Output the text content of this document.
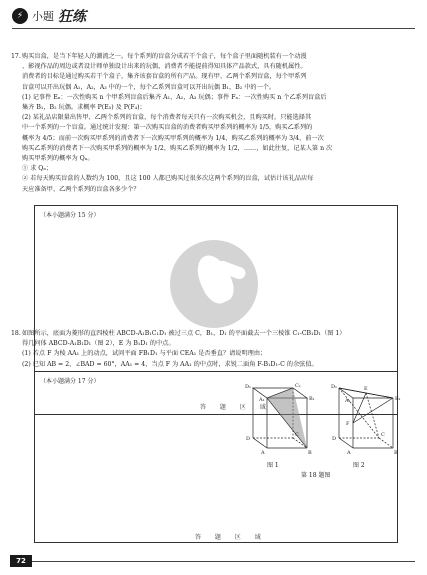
⚡ 小题 狂练
17. 购买盲盒，是当下年轻人的潮流之一。每个系列的盲盒分成若干个盒子，每个盒子里面随机装有一个动漫

、影视作品的周边或者设计师单独设计出来的玩偶，消费者不能提前得知具体产品款式，具有随机属性。

消费者的目标是通过购买若干个盒子，集齐该套盲盒的所有产品。现有甲、乙两个系列盲盒，每个甲系列

盲盒可以开出玩偶 A₁，A₂，A₃ 中的一个，每个乙系列盲盒可以开出玩偶 B₁，B₂ 中的一个。

(1) 记事件 Eₙ：一次性购买 n 个甲系列盲盒后集齐 A₁，A₂，A₃ 玩偶；事件 Fₙ：一次性购买 n 个乙系列盲盒后

集齐 B₁，B₂ 玩偶。求概率 P(E₅) 及 P(F₄)；

(2) 某礼品店限量出售甲、乙两个系列的盲盒，每个消费者每天只有一次购买机会，且购买时，只能选择其

中一个系列的一个盲盒。通过统计发现：第一次购买盲盒的消费者购买甲系列的概率为 1/5，购买乙系列的

概率为 4/5；而前一次购买甲系列的消费者下一次购买甲系列的概率为 1/4，购买乙系列的概率为 3/4，前一次

购买乙系列的消费者下一次购买甲系列的概率为 1/2，购买乙系列的概率为 1/2，……，如此往复，记某人第 n 次

购买甲系列的概率为 Qₙ。

① 求 Qₙ；

② 若每天购买盲盒的人数约为 100，且这 100 人都已购买过很多次这两个系列的盲盒，试估计该礼品店每

天应准备甲、乙两个系列的盲盒各多少个？

（本小题满分 15 分）
答 题 区 域
18. 如图所示，底面为菱形的直四棱柱 ABCD-A₁B₁C₁D₁ 被过三点 C，B₁，D₁ 的平面截去一个三棱锥 C₁-CB₁D₁（图 1）

得几何体 ABCD-A₁B₁D₁（图 2），E 为 B₁D₁ 的中点。

(1) 若点 F 为棱 AA₁ 上的动点，试问平面 FB₁D₁ 与平面 CEA₁ 是否垂直？请说明理由；

(2) 已知 AB = 2，∠BAD = 60°，AA₁ = 4，当点 F 为 AA₁ 的中点时，求锐二面角 F-B₁D₁-C 的余弦值。

（本小题满分 17 分）
D₁	C₁
A₁	B₁
D
C
A	B
D₁
A₁	B₁
E
F
D
C
A	B
图 1	图 2
第 18 题图
答 题 区 域
72
